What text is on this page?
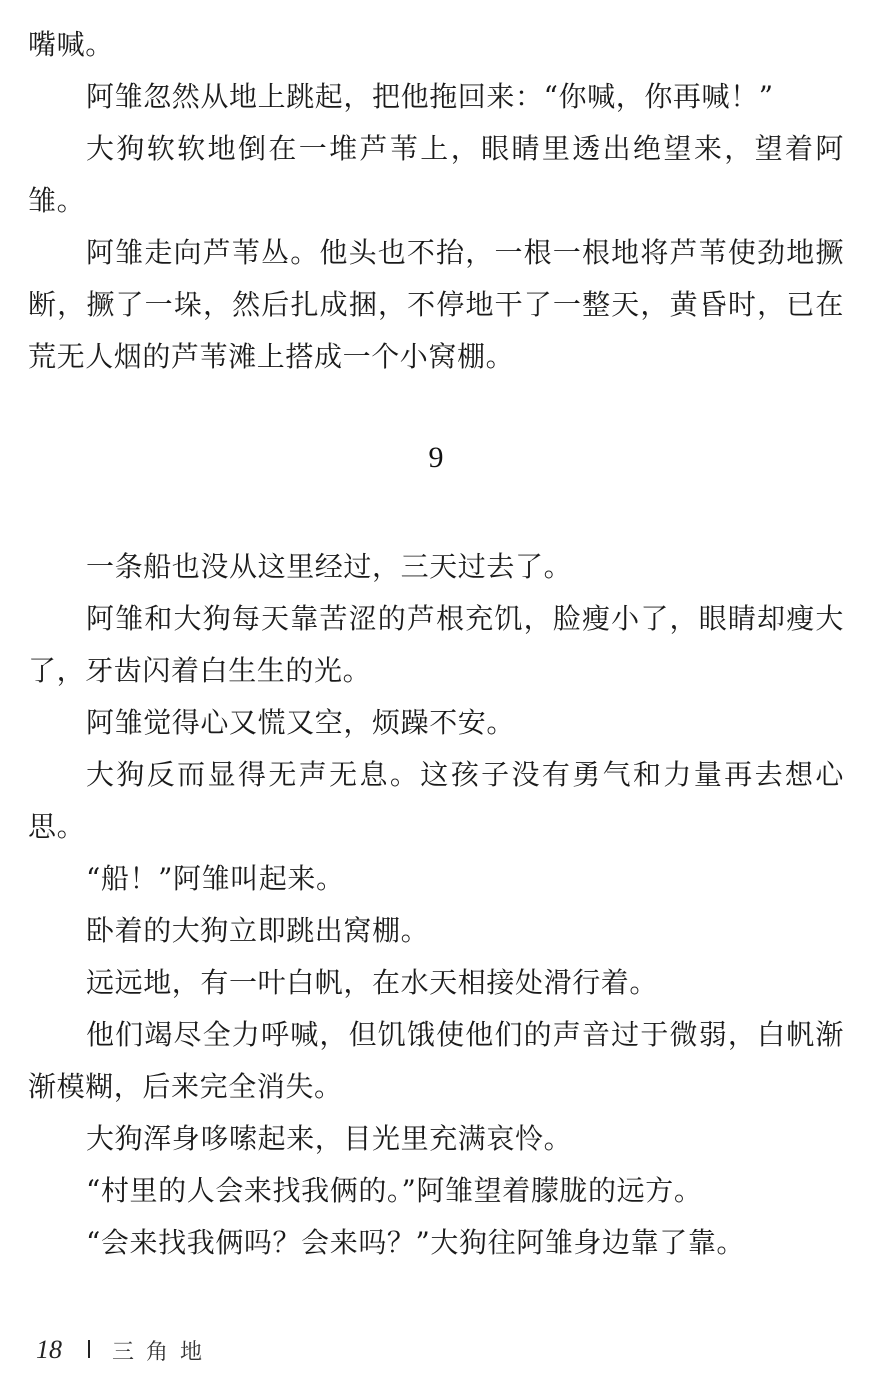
嘴喊。

阿雏忽然从地上跳起，把他拖回来：“你喊，你再喊！”

大狗软软地倒在一堆芦苇上，眼睛里透出绝望来，望着阿雏。

阿雏走向芦苇丛。他头也不抬，一根一根地将芦苇使劲地撅断，撅了一垛，然后扎成捆，不停地干了一整天，黄昏时，已在荒无人烟的芦苇滩上搭成一个小窝棚。

9

一条船也没从这里经过，三天过去了。

阿雏和大狗每天靠苦涩的芦根充饥，脸瘦小了，眼睛却瘦大了，牙齿闪着白生生的光。

阿雏觉得心又慌又空，烦躁不安。

大狗反而显得无声无息。这孩子没有勇气和力量再去想心思。

“船！”阿雏叫起来。

卧着的大狗立即跳出窝棚。

远远地，有一叶白帆，在水天相接处滑行着。

他们竭尽全力呼喊，但饥饿使他们的声音过于微弱，白帆渐渐模糊，后来完全消失。

大狗浑身哆嗦起来，目光里充满哀怜。

“村里的人会来找我俩的。”阿雏望着朦胧的远方。

“会来找我俩吗？会来吗？”大狗往阿雏身边靠了靠。

18	三角地
